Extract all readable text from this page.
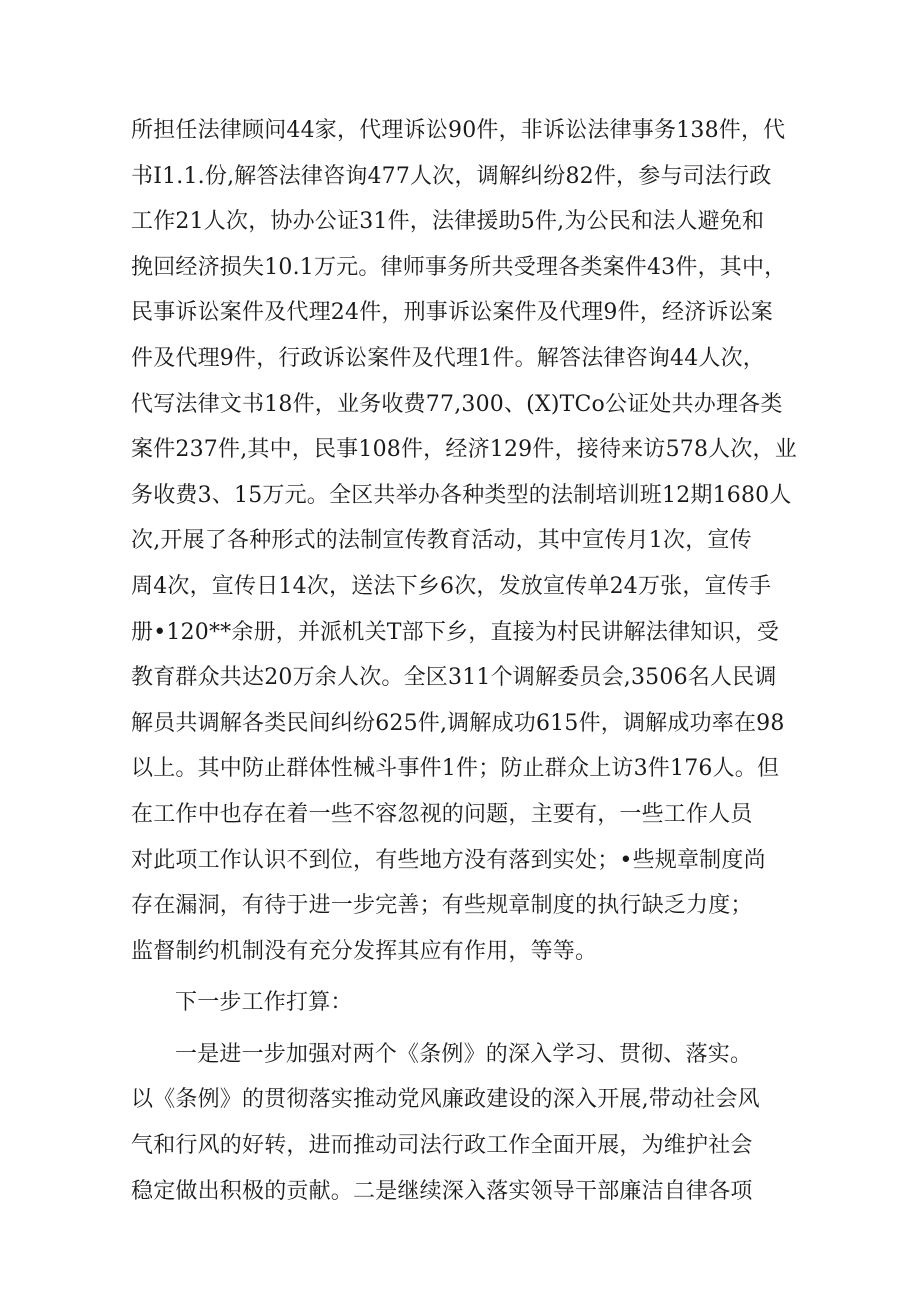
所担任法律顾问44家，代理诉讼90件，非诉讼法律事务138件，代
书I1.1.份,解答法律咨询477人次，调解纠纷82件，参与司法行政
工作21人次，协办公证31件，法律援助5件,为公民和法人避免和
挽回经济损失10.1万元。律师事务所共受理各类案件43件，其中，
民事诉讼案件及代理24件，刑事诉讼案件及代理9件，经济诉讼案
件及代理9件，行政诉讼案件及代理1件。解答法律咨询44人次，
代写法律文书18件，业务收费77,300、(X)TCo公证处共办理各类
案件237件,其中，民事108件，经济129件，接待来访578人次，业
务收费3、15万元。全区共举办各种类型的法制培训班12期1680人
次,开展了各种形式的法制宣传教育活动，其中宣传月1次，宣传
周4次，宣传日14次，送法下乡6次，发放宣传单24万张，宣传手
册•120**余册，并派机关T部下乡，直接为村民讲解法律知识，受
教育群众共达20万余人次。全区311个调解委员会,3506名人民调
解员共调解各类民间纠纷625件,调解成功615件，调解成功率在98
以上。其中防止群体性械斗事件1件；防止群众上访3件176人。但
在工作中也存在着一些不容忽视的问题，主要有，一些工作人员
对此项工作认识不到位，有些地方没有落到实处；•些规章制度尚
存在漏洞，有待于进一步完善；有些规章制度的执行缺乏力度；
监督制约机制没有充分发挥其应有作用，等等。
下一步工作打算：
一是进一步加强对两个《条例》的深入学习、贯彻、落实。
以《条例》的贯彻落实推动党风廉政建设的深入开展,带动社会风
气和行风的好转，进而推动司法行政工作全面开展，为维护社会
稳定做出积极的贡献。二是继续深入落实领导干部廉洁自律各项
